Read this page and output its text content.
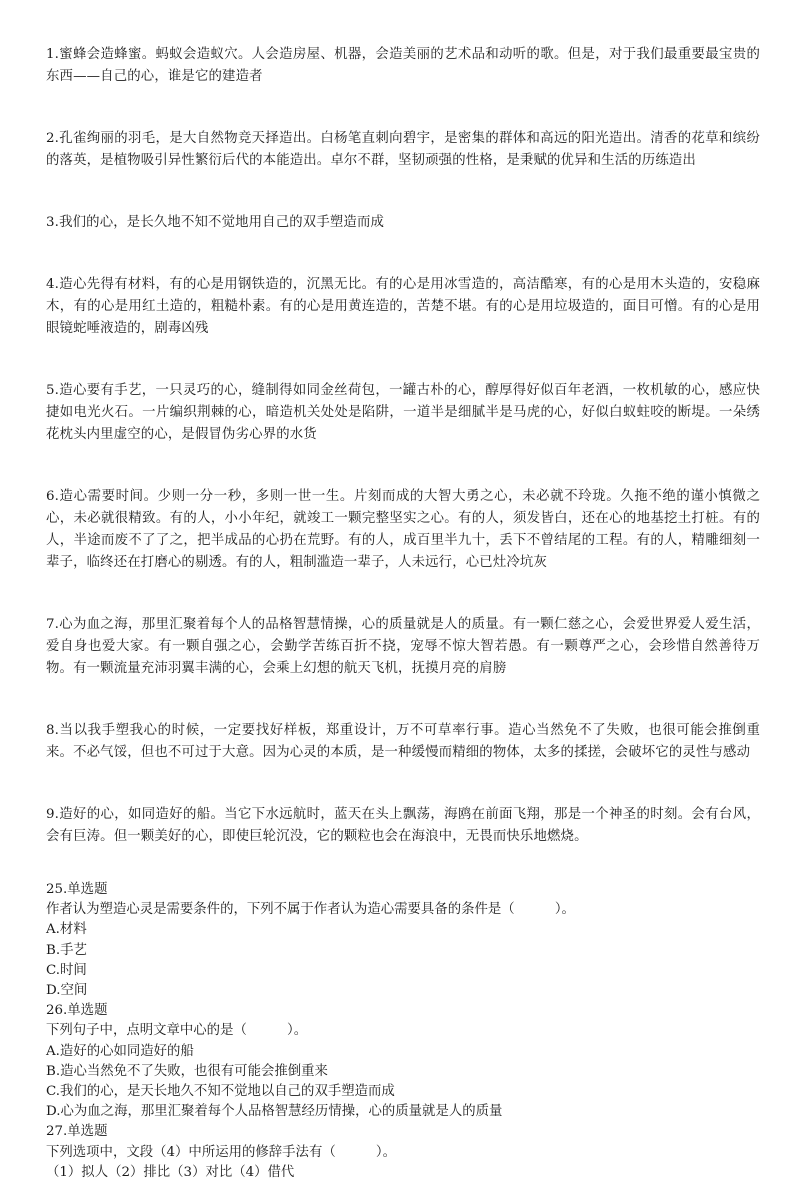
1.蜜蜂会造蜂蜜。蚂蚁会造蚁穴。人会造房屋、机器，会造美丽的艺术品和动听的歌。但是，对于我们最重要最宝贵的东西——自己的心，谁是它的建造者

2.孔雀绚丽的羽毛，是大自然物竞天择造出。白杨笔直刺向碧宇，是密集的群体和高远的阳光造出。清香的花草和缤纷的落英，是植物吸引异性繁衍后代的本能造出。卓尔不群，坚韧顽强的性格，是秉赋的优异和生活的历练造出

3.我们的心，是长久地不知不觉地用自己的双手塑造而成

4.造心先得有材料，有的心是用钢铁造的，沉黑无比。有的心是用冰雪造的，高洁酷寒，有的心是用木头造的，安稳麻木，有的心是用红土造的，粗糙朴素。有的心是用黄连造的，苦楚不堪。有的心是用垃圾造的，面目可憎。有的心是用眼镜蛇唾液造的，剧毒凶残

5.造心要有手艺，一只灵巧的心，缝制得如同金丝荷包，一罐古朴的心，醇厚得好似百年老酒，一枚机敏的心，感应快捷如电光火石。一片编织荆棘的心，暗造机关处处是陷阱，一道半是细腻半是马虎的心，好似白蚁蛀咬的断堤。一朵绣花枕头内里虚空的心，是假冒伪劣心界的水货

6.造心需要时间。少则一分一秒，多则一世一生。片刻而成的大智大勇之心，未必就不玲珑。久拖不绝的谨小慎微之心，未必就很精致。有的人，小小年纪，就竣工一颗完整坚实之心。有的人，须发皆白，还在心的地基挖土打桩。有的人，半途而废不了了之，把半成品的心扔在荒野。有的人，成百里半九十，丢下不曾结尾的工程。有的人，精雕细刻一辈子，临终还在打磨心的剔透。有的人，粗制滥造一辈子，人未远行，心已灶冷坑灰

7.心为血之海，那里汇聚着每个人的品格智慧情操，心的质量就是人的质量。有一颗仁慈之心，会爱世界爱人爱生活，爱自身也爱大家。有一颗自强之心，会勤学苦练百折不挠，宠辱不惊大智若愚。有一颗尊严之心，会珍惜自然善待万物。有一颗流量充沛羽翼丰满的心，会乘上幻想的航天飞机，抚摸月亮的肩膀

8.当以我手塑我心的时候，一定要找好样板，郑重设计，万不可草率行事。造心当然免不了失败，也很可能会推倒重来。不必气馁，但也不可过于大意。因为心灵的本质，是一种缓慢而精细的物体，太多的揉搓，会破坏它的灵性与感动

9.造好的心，如同造好的船。当它下水远航时，蓝天在头上飘荡，海鸥在前面飞翔，那是一个神圣的时刻。会有台风，会有巨涛。但一颗美好的心，即使巨轮沉没，它的颗粒也会在海浪中，无畏而快乐地燃烧。

25.单选题

作者认为塑造心灵是需要条件的，下列不属于作者认为造心需要具备的条件是（　　　）。

A.材料

B.手艺

C.时间

D.空间

26.单选题

下列句子中，点明文章中心的是（　　　）。

A.造好的心如同造好的船

B.造心当然免不了失败，也很有可能会推倒重来

C.我们的心，是天长地久不知不觉地以自己的双手塑造而成

D.心为血之海，那里汇聚着每个人品格智慧经历情操，心的质量就是人的质量

27.单选题

下列选项中，文段（4）中所运用的修辞手法有（　　　）。

（1）拟人（2）排比（3）对比（4）借代
